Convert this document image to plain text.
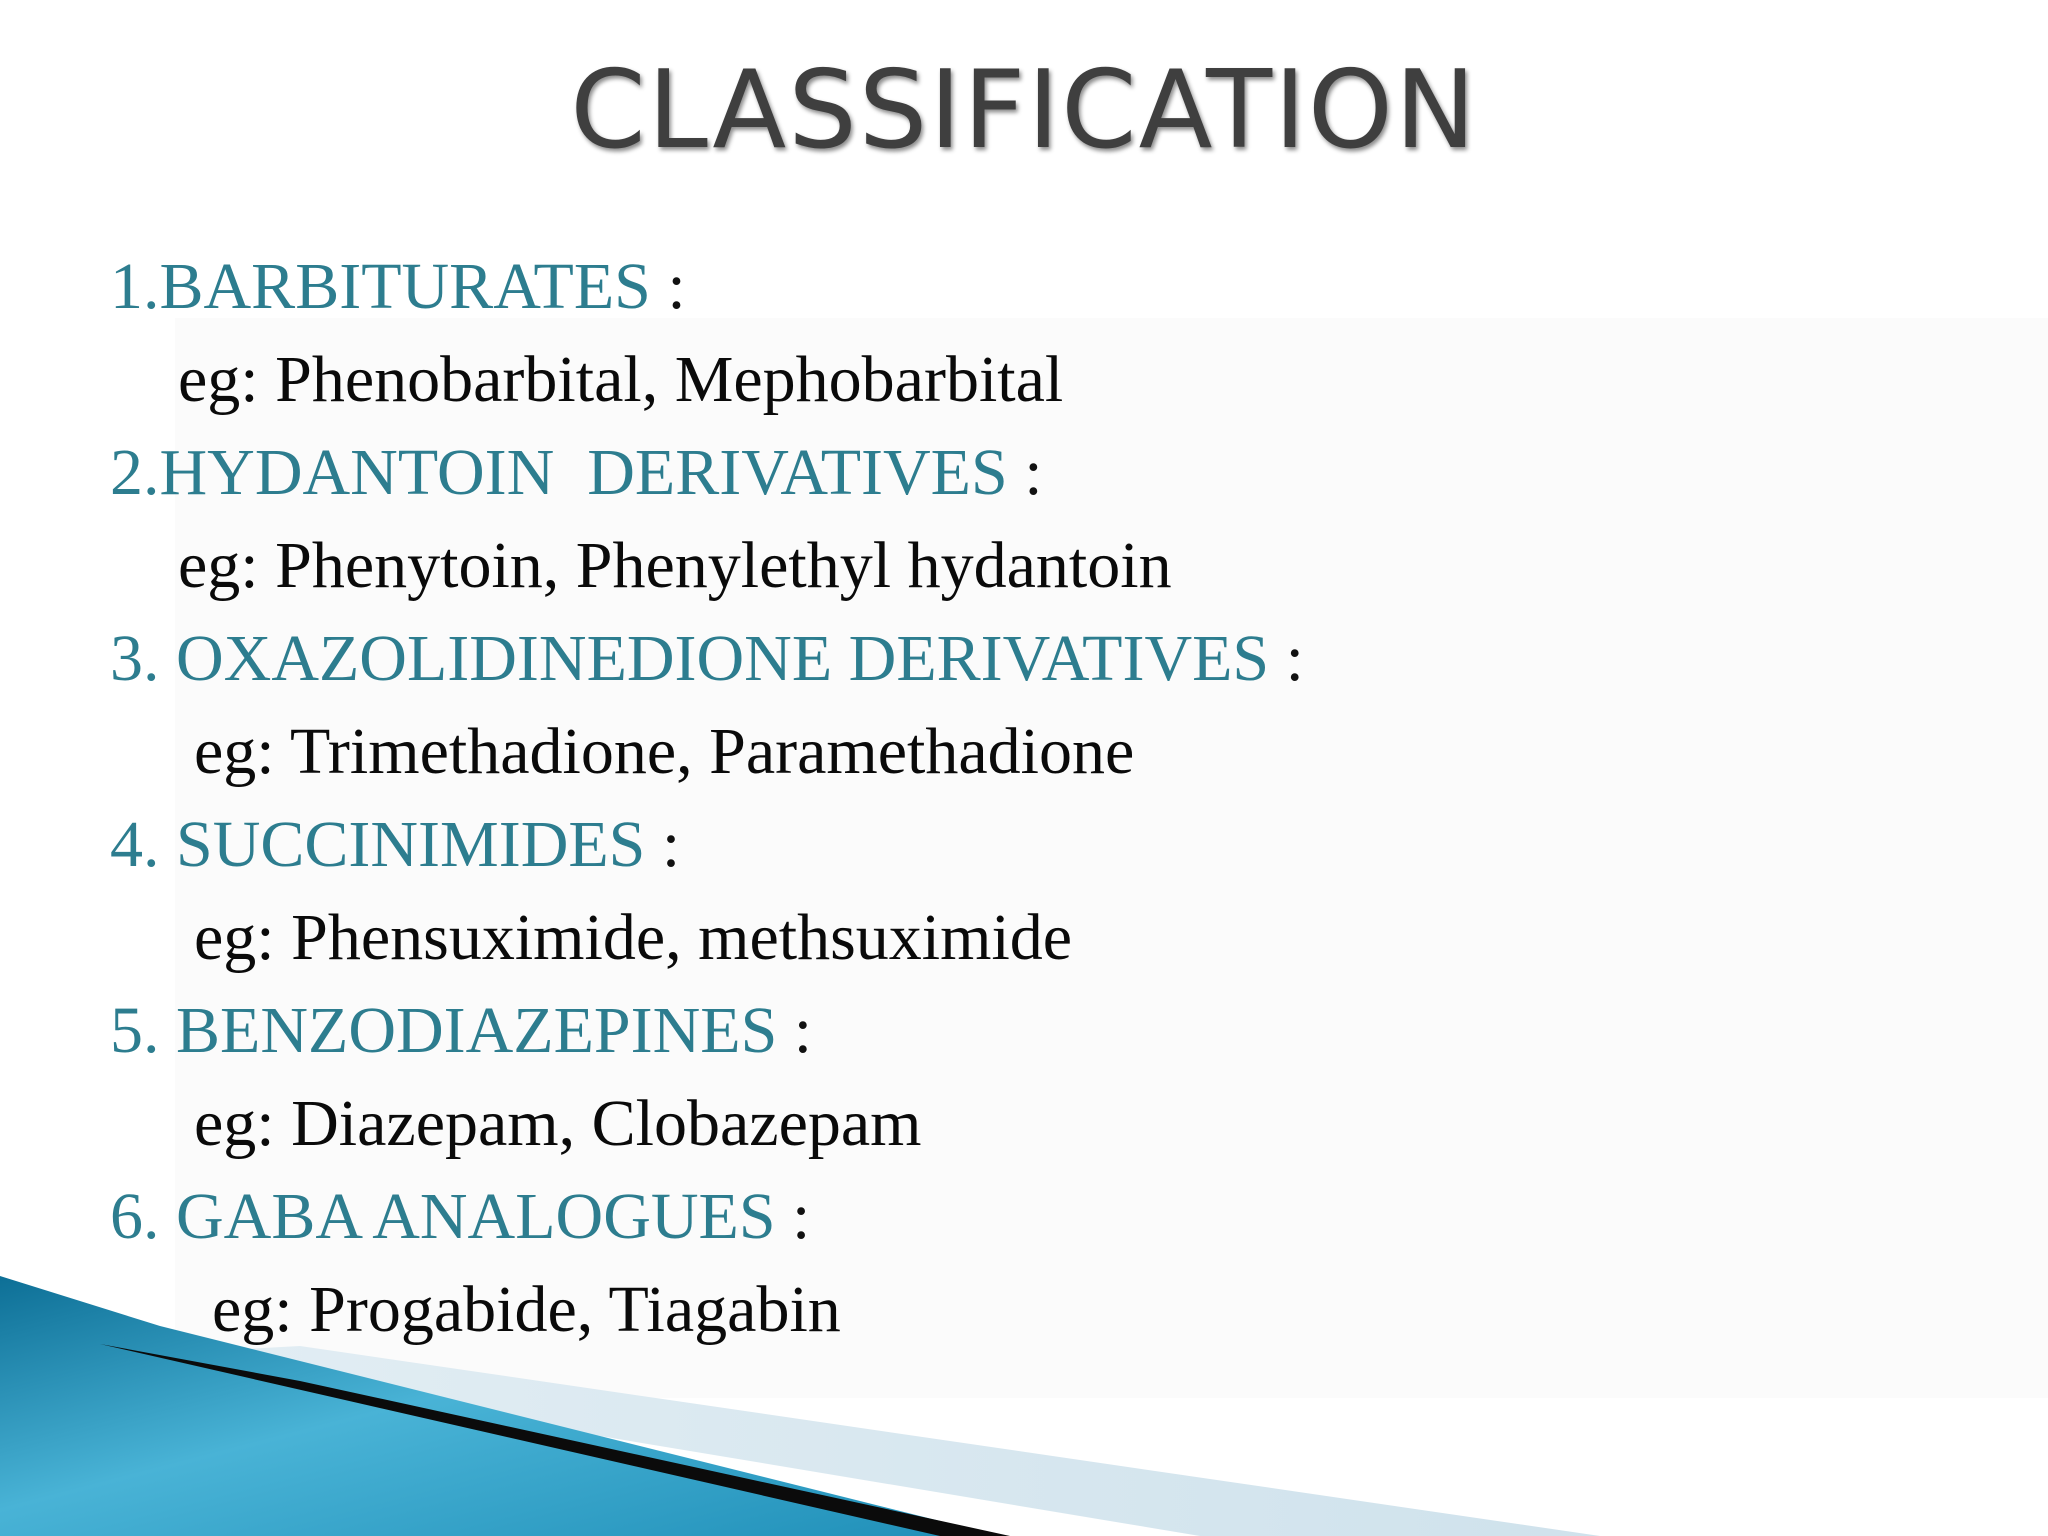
CLASSIFICATION
1.BARBITURATES :
eg: Phenobarbital, Mephobarbital
2.HYDANTOIN  DERIVATIVES :
eg: Phenytoin, Phenylethyl hydantoin
3. OXAZOLIDINEDIONE DERIVATIVES :
eg: Trimethadione, Paramethadione
4. SUCCINIMIDES :
eg: Phensuximide, methsuximide
5. BENZODIAZEPINES :
eg: Diazepam, Clobazepam
6. GABA ANALOGUES :
eg: Progabide, Tiagabin
